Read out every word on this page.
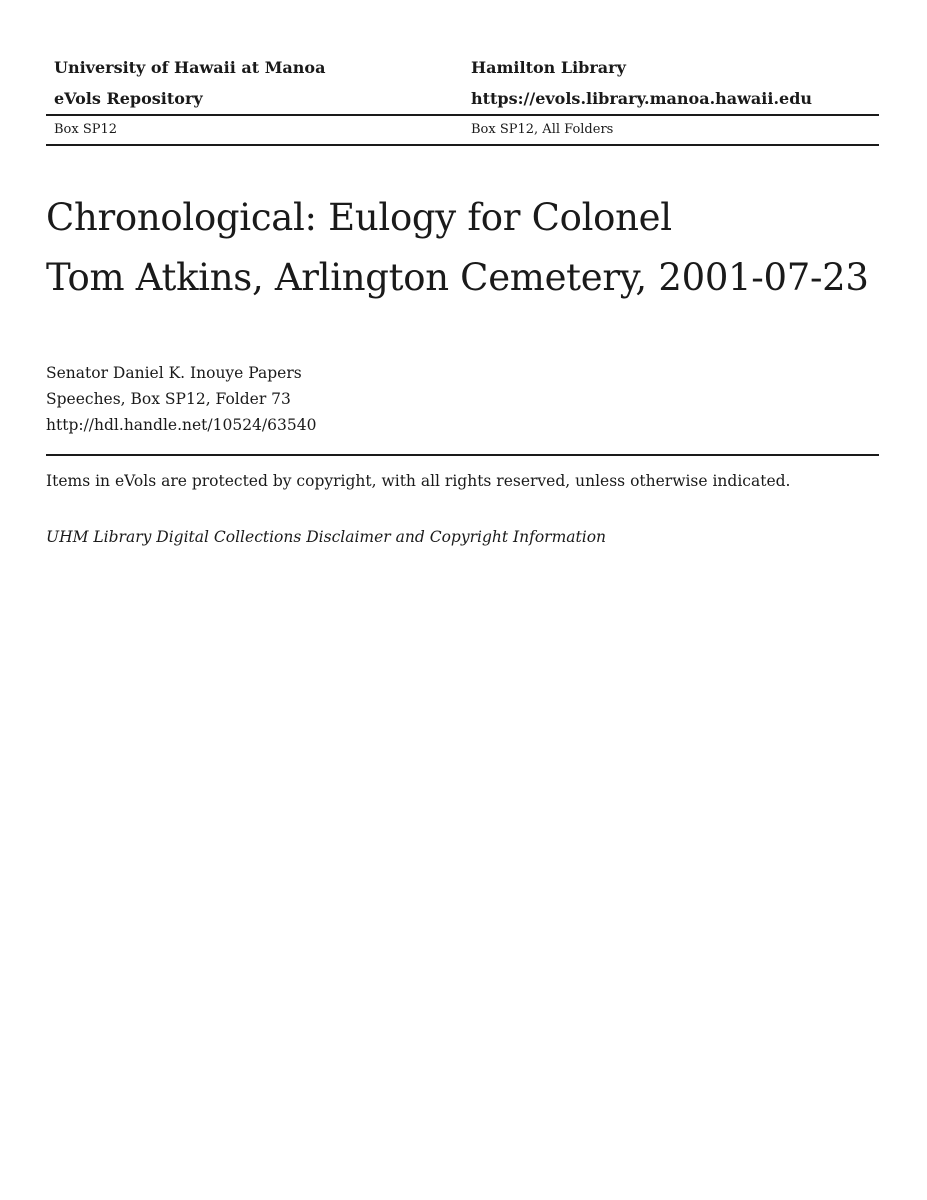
University of Hawaii at Manoa	Hamilton Library
eVols Repository	https://evols.library.manoa.hawaii.edu
Box SP12	Box SP12, All Folders
Chronological: Eulogy for Colonel
Tom Atkins, Arlington Cemetery, 2001-07-23
Senator Daniel K. Inouye Papers
Speeches, Box SP12, Folder 73
http://hdl.handle.net/10524/63540
Items in eVols are protected by copyright, with all rights reserved, unless otherwise indicated.
UHM Library Digital Collections Disclaimer and Copyright Information
